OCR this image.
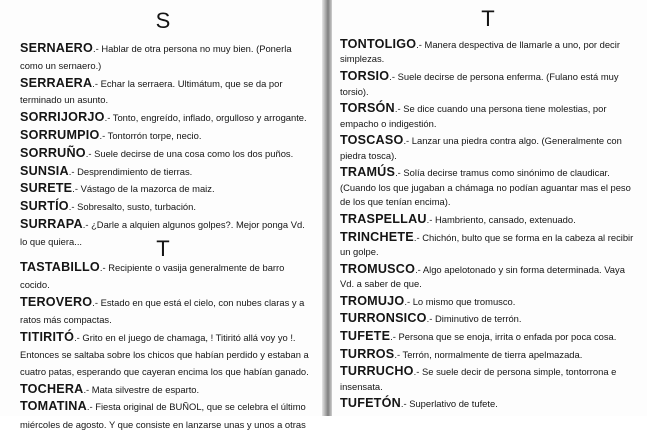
S
SERNAERO.- Hablar de otra persona no muy bien. (Ponerla como un sernaero.)
SERRAERA.- Echar la serraera. Ultimátum, que se da por terminado un asunto.
SORRIJORJO.- Tonto, engreído, inflado, orgulloso y arrogante.
SORRUMPIO.- Tontorrón torpe, necio.
SORRUÑO.- Suele decirse de una cosa como los dos puños.
SUNSIA.- Desprendimiento de tierras.
SURETE.- Vástago de la mazorca de maiz.
SURTÍO.- Sobresalto, susto, turbación.
SURRAPA.- ¿Darle a alquien algunos golpes?. Mejor ponga Vd. lo que quiera...	T
TASTABILLO.- Recipiente o vasija generalmente de barro cocido.
TEROVERO.- Estado en que está el cielo, con nubes claras y a ratos más compactas.
TITIRITÓ.- Grito en el juego de chamaga, ! Titiritó allá voy yo !. Entonces se saltaba sobre los chicos que habían perdido y estaban a cuatro patas, esperando que cayeran encima los que habían ganado.
TOCHERA.- Mata silvestre de esparto.
TOMATINA.- Fiesta original de BUÑOL, que se celebra el último miércoles de agosto. Y que consiste en lanzarse unas y unos a otras
T
TONTOLIGO.- Manera despectiva de llamarle a uno, por decir simplezas.
TORSIO.- Suele decirse de persona enferma. (Fulano está muy torsio).
TORSÓN.- Se dice cuando una persona tiene molestias, por empacho o indigestión.
TOSCASO.- Lanzar una piedra contra algo. (Generalmente con piedra tosca).
TRAMÚS.- Solía decirse tramus como sinónimo de claudicar. (Cuando los que jugaban a chámaga no podían aguantar mas el peso de los que tenían encima).
TRASPELLAU.- Hambriento, cansado, extenuado.
TRINCHETE.- Chichón, bulto que se forma en la cabeza al recibir un golpe.
TROMUSCO.- Algo apelotonado y sin forma determinada. Vaya Vd. a saber de que.
TROMUJO.- Lo mismo que tromusco.
TURRONSICO.- Diminutivo de terrón.
TUFETE.- Persona que se enoja, irrita o enfada por poca cosa.
TURROS.- Terrón, normalmente de tierra apelmazada.
TURRUCHO.- Se suele decir de persona simple, tontorrona e insensata.
TUFETÓN.- Superlativo de tufete.
